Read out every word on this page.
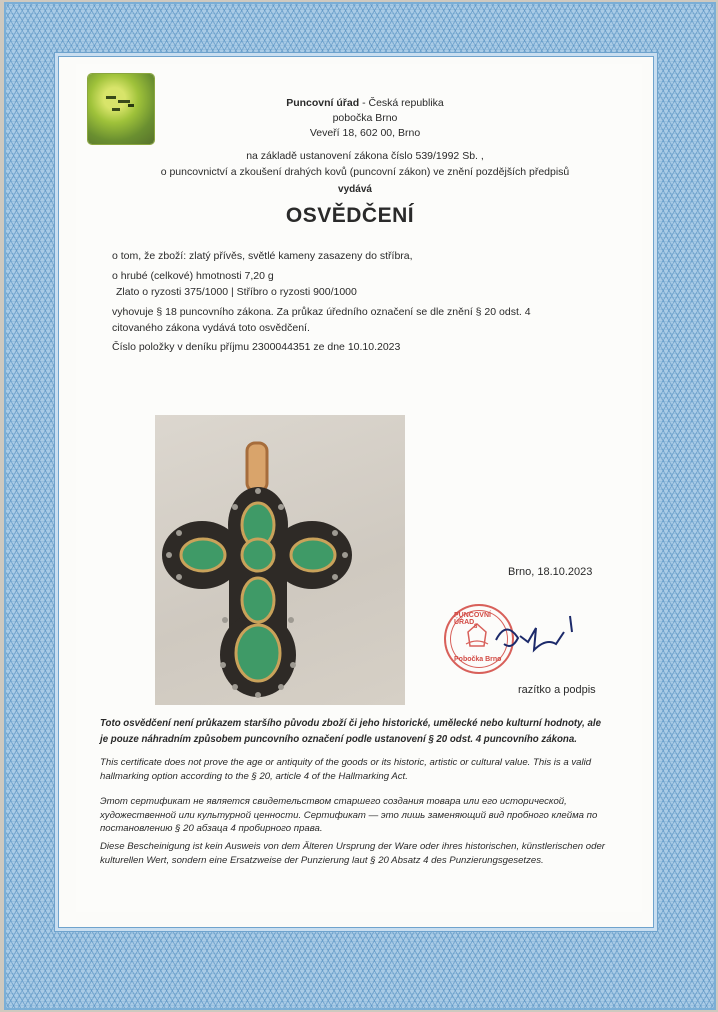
Puncovní úřad - Česká republika
pobočka Brno
Veveří 18, 602 00, Brno
na základě ustanovení zákona číslo 539/1992 Sb. ,
o puncovnictví a zkoušení drahých kovů (puncovní zákon) ve znění pozdějších předpisů
vydává
OSVĚDČENÍ
o tom, že zboží: zlatý přívěs, světlé kameny zasazeny do stříbra,
o hrubé (celkové) hmotnosti 7,20 g
Zlato o ryzosti 375/1000 | Stříbro o ryzosti 900/1000
vyhovuje § 18 puncovního zákona. Za průkaz úředního označení se dle znění § 20 odst. 4
citovaného zákona vydává toto osvědčení.
Číslo položky v deníku příjmu 2300044351 ze dne 10.10.2023
Brno, 18.10.2023
PUNCOVNÍ ÚŘAD
8
Pobočka Brno
razítko a podpis
Toto osvědčení není průkazem staršího původu zboží či jeho historické, umělecké nebo kulturní hodnoty, ale
je pouze náhradním způsobem puncovního označení podle ustanovení § 20 odst. 4 puncovního zákona.
This certificate does not prove the age or antiquity of the goods or its historic, artistic or cultural value. This is a valid hallmarking option according to the § 20, article 4 of the Hallmarking Act.
Этот сертификат не является свидетельством старшего создания товара или его исторической, художественной или культурной ценности. Сертификат — это лишь заменяющий вид пробного клейма по постановлению § 20 абзаца 4 пробирного права.
Diese Bescheinigung ist kein Ausweis von dem Älteren Ursprung der Ware oder ihres historischen, künstlerischen oder kulturellen Wert, sondern eine Ersatzweise der Punzierung laut § 20 Absatz 4 des Punzierungsgesetzes.
